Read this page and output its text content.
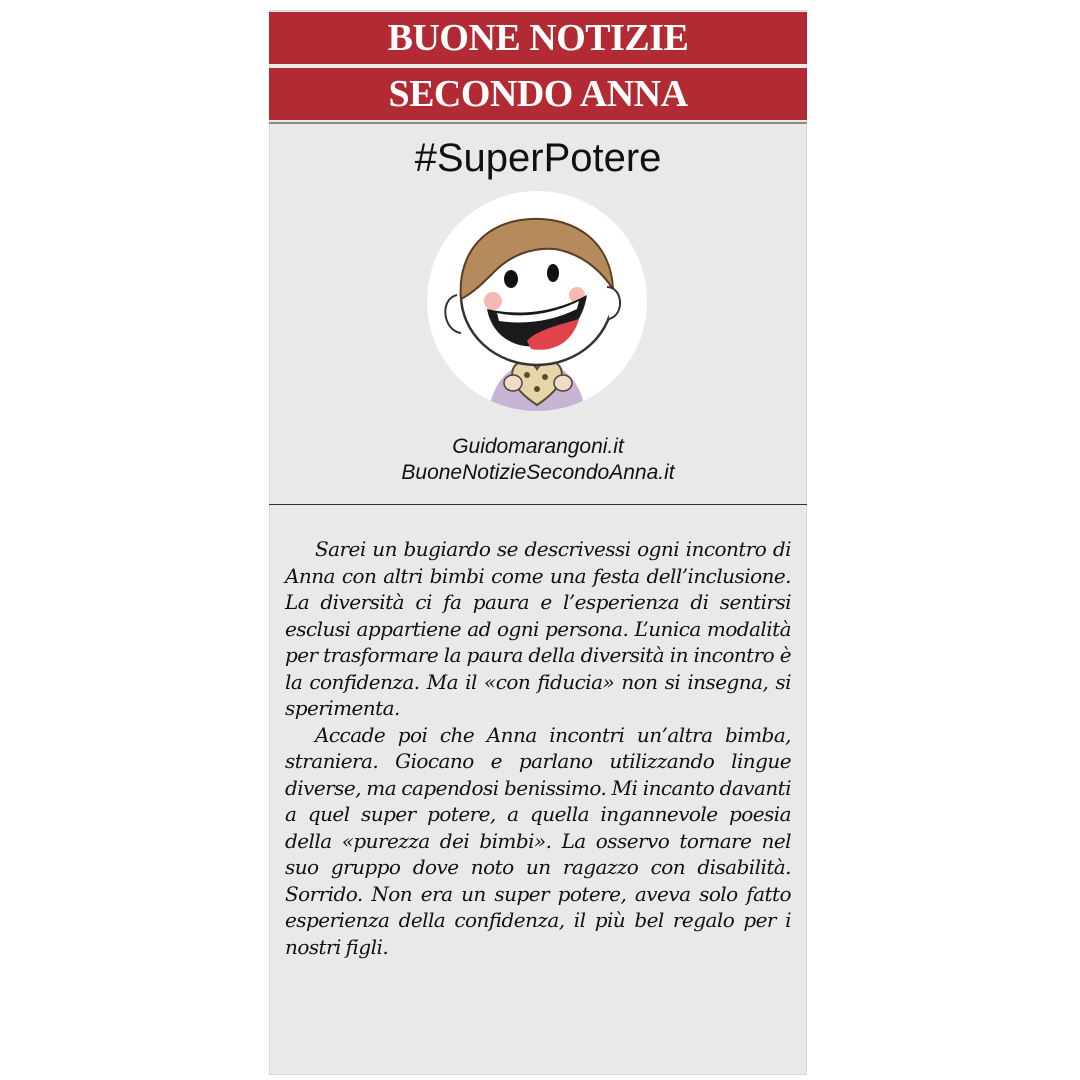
BUONE NOTIZIE
SECONDO ANNA
#SuperPotere
Guidomarangoni.it
BuoneNotizieSecondoAnna.it

Sarei un bugiardo se descrivessi ogni incontro di Anna con altri bimbi come una festa dell’inclusione. La diversità ci fa paura e l’esperienza di sentirsi esclusi appartiene ad ogni persona. L’unica modalità per trasformare la paura della diversità in incontro è la confidenza. Ma il «con fiducia» non si insegna, si sperimenta.

Accade poi che Anna incontri un’altra bimba, straniera. Giocano e parlano utilizzando lingue diverse, ma capendosi benissimo. Mi incanto davanti a quel super potere, a quella ingannevole poesia della «purezza dei bimbi». La osservo tornare nel suo gruppo dove noto un ragazzo con disabilità. Sorrido. Non era un super potere, aveva solo fatto esperienza della confidenza, il più bel regalo per i nostri figli.
